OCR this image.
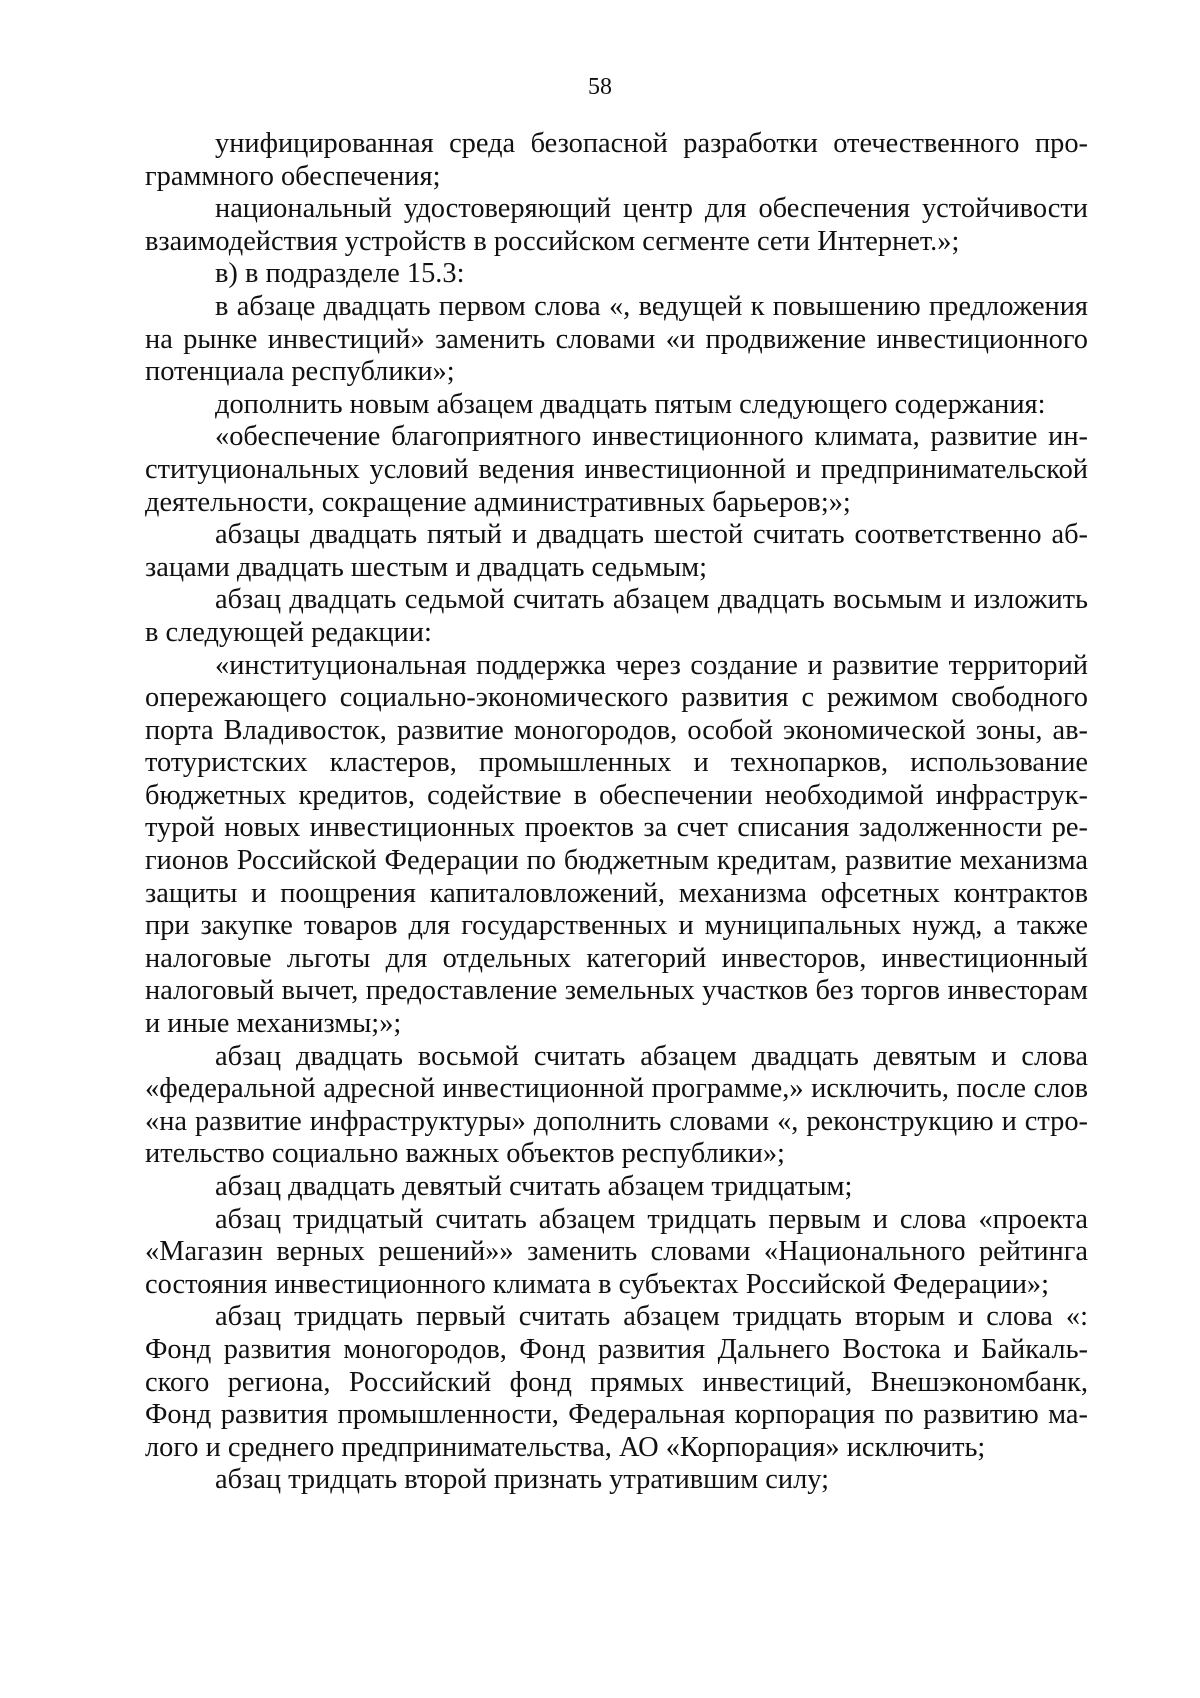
58

унифицированная среда безопасной разработки отечественного программного обеспечения;

национальный удостоверяющий центр для обеспечения устойчивости взаимодействия устройств в российском сегменте сети Интернет.»;

в) в подразделе 15.3:

в абзаце двадцать первом слова «, ведущей к повышению предложения на рынке инвестиций» заменить словами «и продвижение инвестиционного потенциала республики»;

дополнить новым абзацем двадцать пятым следующего содержания:

«обеспечение благоприятного инвестиционного климата, развитие институциональных условий ведения инвестиционной и предпринимательской деятельности, сокращение административных барьеров;»;

абзацы двадцать пятый и двадцать шестой считать соответственно абзацами двадцать шестым и двадцать седьмым;

абзац двадцать седьмой считать абзацем двадцать восьмым и изложить в следующей редакции:

«институциональная поддержка через создание и развитие территорий опережающего социально-экономического развития с режимом свободного порта Владивосток, развитие моногородов, особой экономической зоны, автотуристских кластеров, промышленных и технопарков, использование бюджетных кредитов, содействие в обеспечении необходимой инфраструктурой новых инвестиционных проектов за счет списания задолженности регионов Российской Федерации по бюджетным кредитам, развитие механизма защиты и поощрения капиталовложений, механизма офсетных контрактов при закупке товаров для государственных и муниципальных нужд, а также налоговые льготы для отдельных категорий инвесторов, инвестиционный налоговый вычет, предоставление земельных участков без торгов инвесторам и иные механизмы;»;

абзац двадцать восьмой считать абзацем двадцать девятым и слова «федеральной адресной инвестиционной программе,» исключить, после слов «на развитие инфраструктуры» дополнить словами «, реконструкцию и строительство социально важных объектов республики»;

абзац двадцать девятый считать абзацем тридцатым;

абзац тридцатый считать абзацем тридцать первым и слова «проекта «Магазин верных решений»» заменить словами «Национального рейтинга состояния инвестиционного климата в субъектах Российской Федерации»;

абзац тридцать первый считать абзацем тридцать вторым и слова «: Фонд развития моногородов, Фонд развития Дальнего Востока и Байкальского региона, Российский фонд прямых инвестиций, Внешэкономбанк, Фонд развития промышленности, Федеральная корпорация по развитию малого и среднего предпринимательства, АО «Корпорация» исключить;

абзац тридцать второй признать утратившим силу;
